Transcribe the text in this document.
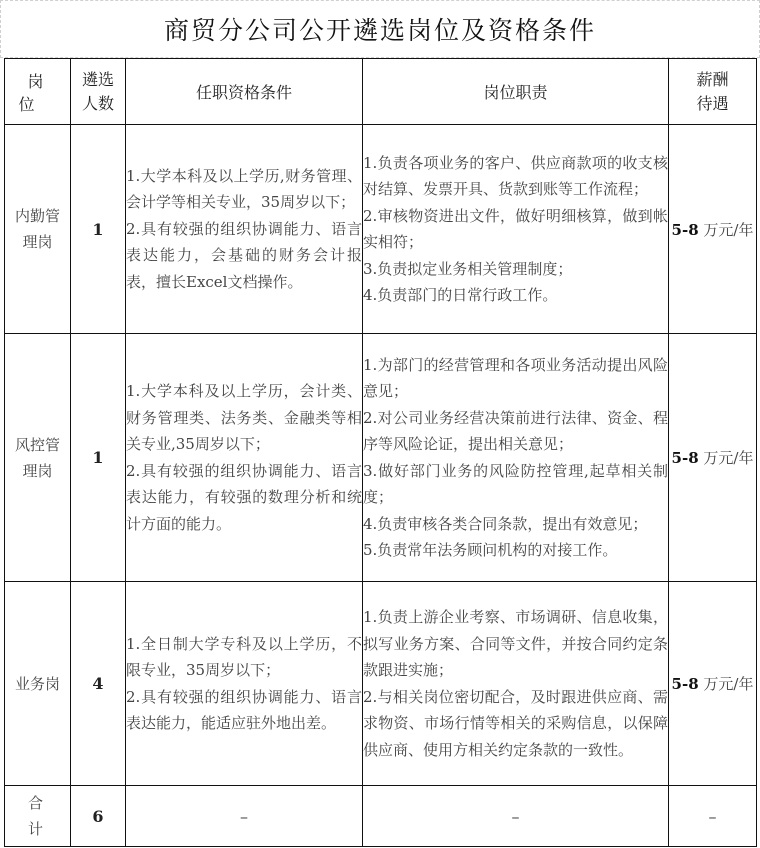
商贸分公司公开遴选岗位及资格条件
岗 位	遴选
人数	任职资格条件	岗位职责	薪酬
待遇

内勤管
理岗	1	1.大学本科及以上学历,财务管理、会计学等相关专业，35周岁以下；
2.具有较强的组织协调能力、语言表达能力，会基础的财务会计报表，擅长Excel文档操作。	1.负责各项业务的客户、供应商款项的收支核对结算、发票开具、货款到账等工作流程；
2.审核物资进出文件，做好明细核算，做到帐实相符；
3.负责拟定业务相关管理制度；
4.负责部门的日常行政工作。	5-8 万元/年

风控管
理岗	1	1.大学本科及以上学历，会计类、财务管理类、法务类、金融类等相关专业,35周岁以下；
2.具有较强的组织协调能力、语言表达能力，有较强的数理分析和统计方面的能力。	1.为部门的经营管理和各项业务活动提出风险意见；
2.对公司业务经营决策前进行法律、资金、程序等风险论证，提出相关意见；
3.做好部门业务的风险防控管理,起草相关制度；
4.负责审核各类合同条款，提出有效意见；
5.负责常年法务顾问机构的对接工作。	5-8 万元/年

业务岗	4	1.全日制大学专科及以上学历，不限专业，35周岁以下；
2.具有较强的组织协调能力、语言表达能力，能适应驻外地出差。	1.负责上游企业考察、市场调研、信息收集，拟写业务方案、合同等文件，并按合同约定条款跟进实施；
2.与相关岗位密切配合，及时跟进供应商、需求物资、市场行情等相关的采购信息，以保障供应商、使用方相关约定条款的一致性。	5-8 万元/年

合 计	6	–	–	–
